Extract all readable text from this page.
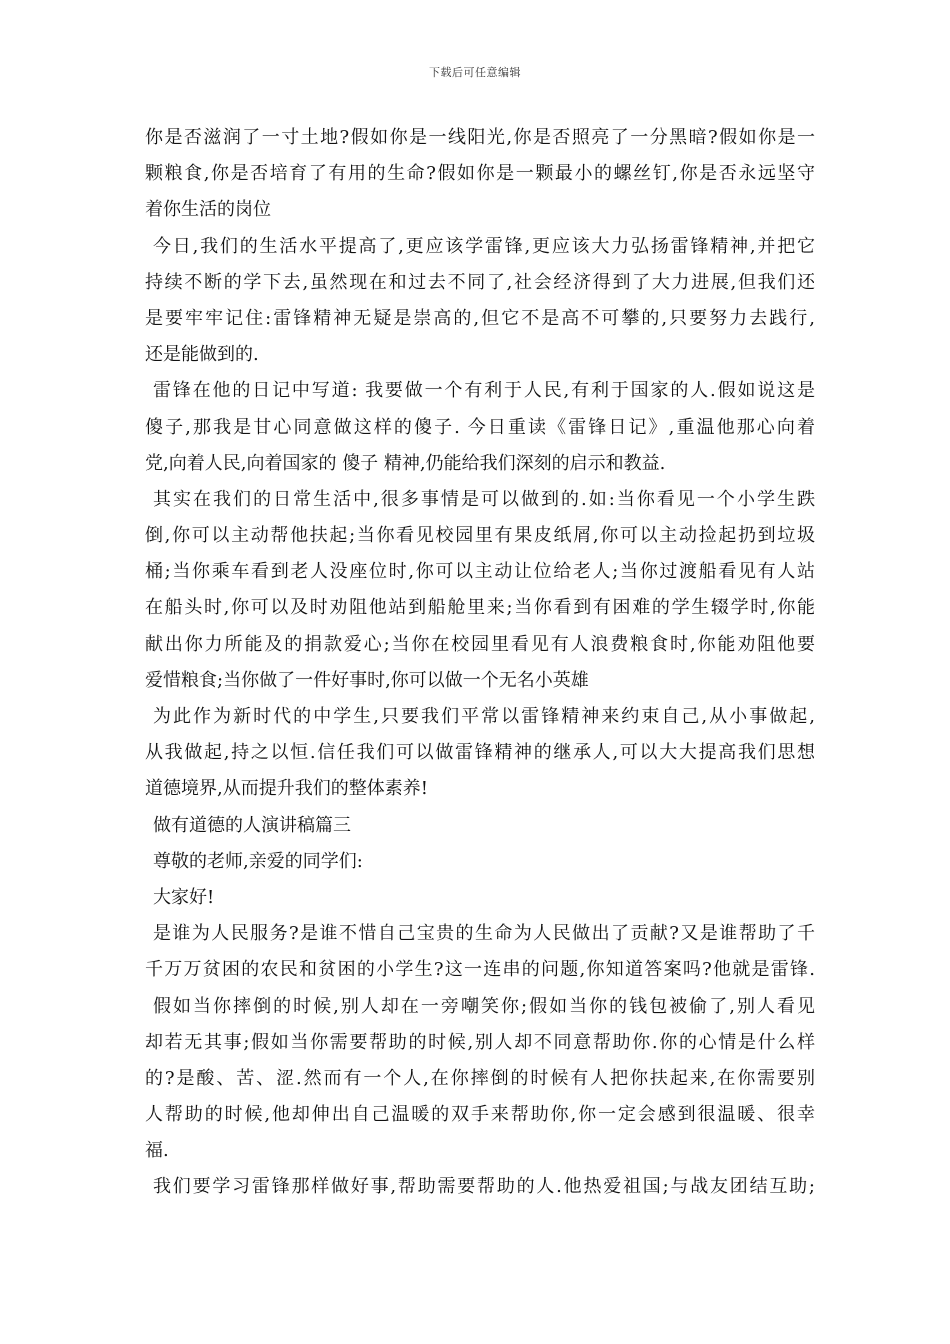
下载后可任意编辑
你是否滋润了一寸土地?假如你是一线阳光,你是否照亮了一分黑暗?假如你是一
颗粮食,你是否培育了有用的生命?假如你是一颗最小的螺丝钉,你是否永远坚守
着你生活的岗位
今日,我们的生活水平提高了,更应该学雷锋,更应该大力弘扬雷锋精神,并把它
持续不断的学下去,虽然现在和过去不同了,社会经济得到了大力进展,但我们还
是要牢牢记住:雷锋精神无疑是崇高的,但它不是高不可攀的,只要努力去践行,
还是能做到的.
雷锋在他的日记中写道: 我要做一个有利于人民,有利于国家的人.假如说这是
傻子,那我是甘心同意做这样的傻子. 今日重读《雷锋日记》,重温他那心向着
党,向着人民,向着国家的 傻子 精神,仍能给我们深刻的启示和教益.
其实在我们的日常生活中,很多事情是可以做到的.如:当你看见一个小学生跌
倒,你可以主动帮他扶起;当你看见校园里有果皮纸屑,你可以主动捡起扔到垃圾
桶;当你乘车看到老人没座位时,你可以主动让位给老人;当你过渡船看见有人站
在船头时,你可以及时劝阻他站到船舱里来;当你看到有困难的学生辍学时,你能
献出你力所能及的捐款爱心;当你在校园里看见有人浪费粮食时,你能劝阻他要
爱惜粮食;当你做了一件好事时,你可以做一个无名小英雄
为此作为新时代的中学生,只要我们平常以雷锋精神来约束自己,从小事做起,
从我做起,持之以恒.信任我们可以做雷锋精神的继承人,可以大大提高我们思想
道德境界,从而提升我们的整体素养!
做有道德的人演讲稿篇三
尊敬的老师,亲爱的同学们:
大家好!
是谁为人民服务?是谁不惜自己宝贵的生命为人民做出了贡献?又是谁帮助了千
千万万贫困的农民和贫困的小学生?这一连串的问题,你知道答案吗?他就是雷锋.
假如当你摔倒的时候,别人却在一旁嘲笑你;假如当你的钱包被偷了,别人看见
却若无其事;假如当你需要帮助的时候,别人却不同意帮助你.你的心情是什么样
的?是酸、苦、涩.然而有一个人,在你摔倒的时候有人把你扶起来,在你需要别
人帮助的时候,他却伸出自己温暖的双手来帮助你,你一定会感到很温暖、很幸
福.
我们要学习雷锋那样做好事,帮助需要帮助的人.他热爱祖国;与战友团结互助;
